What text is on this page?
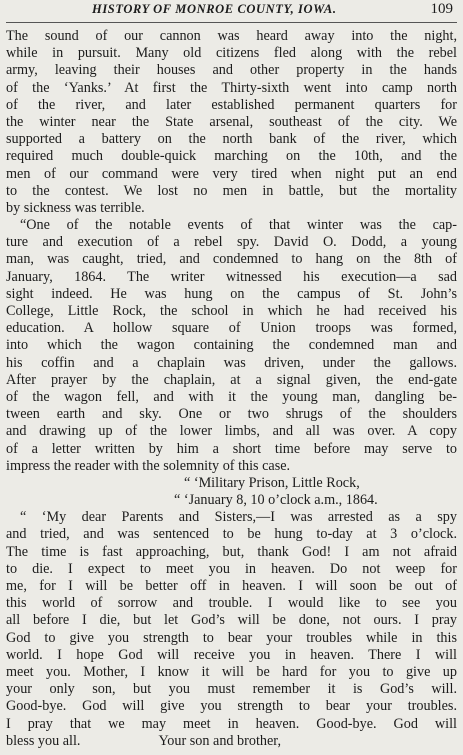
HISTORY OF MONROE COUNTY, IOWA.	109
The sound of our cannon was heard away into the night,
while in pursuit. Many old citizens fled along with the rebel
army, leaving their houses and other property in the hands
of the ‘Yanks.’ At first the Thirty-sixth went into camp north
of the river, and later established permanent quarters for
the winter near the State arsenal, southeast of the city. We
supported a battery on the north bank of the river, which
required much double-quick marching on the 10th, and the
men of our command were very tired when night put an end
to the contest. We lost no men in battle, but the mortality
by sickness was terrible.
“One of the notable events of that winter was the cap-
ture and execution of a rebel spy. David O. Dodd, a young
man, was caught, tried, and condemned to hang on the 8th of
January, 1864. The writer witnessed his execution—a sad
sight indeed. He was hung on the campus of St. John’s
College, Little Rock, the school in which he had received his
education. A hollow square of Union troops was formed,
into which the wagon containing the condemned man and
his coffin and a chaplain was driven, under the gallows.
After prayer by the chaplain, at a signal given, the end-gate
of the wagon fell, and with it the young man, dangling be-
tween earth and sky. One or two shrugs of the shoulders
and drawing up of the lower limbs, and all was over. A copy
of a letter written by him a short time before may serve to
impress the reader with the solemnity of this case.
“ ‘Military Prison, Little Rock,
“ ‘January 8, 10 o’clock a.m., 1864.
“ ‘My dear Parents and Sisters,—I was arrested as a spy
and tried, and was sentenced to be hung to-day at 3 o’clock.
The time is fast approaching, but, thank God! I am not afraid
to die. I expect to meet you in heaven. Do not weep for
me, for I will be better off in heaven. I will soon be out of
this world of sorrow and trouble. I would like to see you
all before I die, but let God’s will be done, not ours. I pray
God to give you strength to bear your troubles while in this
world. I hope God will receive you in heaven. There I will
meet you. Mother, I know it will be hard for you to give up
your only son, but you must remember it is God’s will.
Good-bye. God will give you strength to bear your troubles.
I pray that we may meet in heaven. Good-bye. God will
bless you all.	Your son and brother,
